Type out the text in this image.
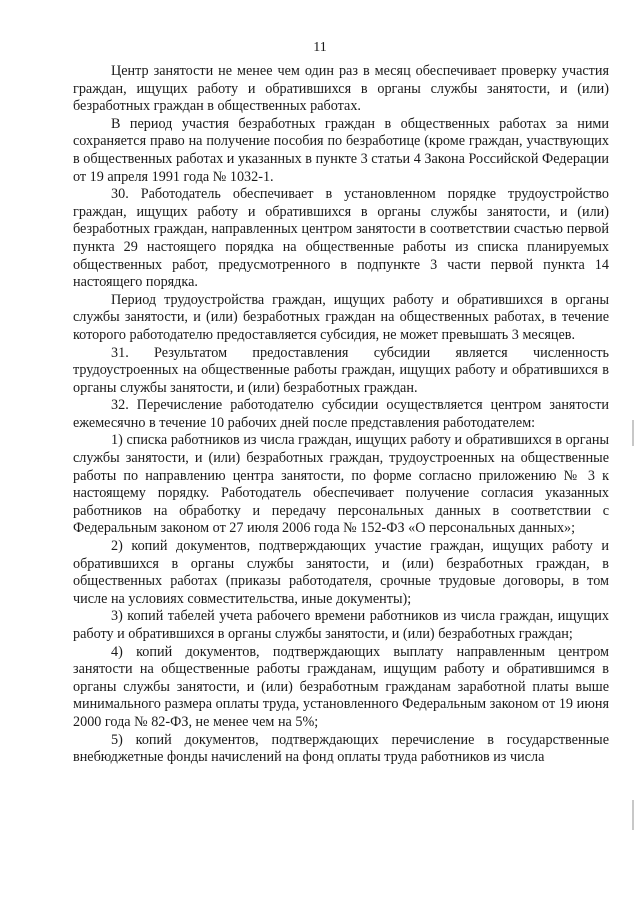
11

Центр занятости не менее чем один раз в месяц обеспечивает проверку участия граждан, ищущих работу и обратившихся в органы службы занятости, и (или) безработных граждан в общественных работах.

В период участия безработных граждан в общественных работах за ними сохраняется право на получение пособия по безработице (кроме граждан, участвующих в общественных работах и указанных в пункте 3 статьи 4 Закона Российской Федерации от 19 апреля 1991 года № 1032-1.

30. Работодатель обеспечивает в установленном порядке трудоустройство граждан, ищущих работу и обратившихся в органы службы занятости, и (или) безработных граждан, направленных центром занятости в соответствии счастью первой пункта 29 настоящего порядка на общественные работы из списка планируемых общественных работ, предусмотренного в подпункте 3 части первой пункта 14 настоящего порядка.

Период трудоустройства граждан, ищущих работу и обратившихся в органы службы занятости, и (или) безработных граждан на общественных работах, в течение которого работодателю предоставляется субсидия, не может превышать 3 месяцев.

31. Результатом предоставления субсидии является численность трудоустроенных на общественные работы граждан, ищущих работу и обратившихся в органы службы занятости, и (или) безработных граждан.

32. Перечисление работодателю субсидии осуществляется центром занятости ежемесячно в течение 10 рабочих дней после представления работодателем:

1) списка работников из числа граждан, ищущих работу и обратившихся в органы службы занятости, и (или) безработных граждан, трудоустроенных на общественные работы по направлению центра занятости, по форме согласно приложению № 3 к настоящему порядку. Работодатель обеспечивает получение согласия указанных работников на обработку и передачу персональных данных в соответствии с Федеральным законом от 27 июля 2006 года № 152-ФЗ «О персональных данных»;

2) копий документов, подтверждающих участие граждан, ищущих работу и обратившихся в органы службы занятости, и (или) безработных граждан, в общественных работах (приказы работодателя, срочные трудовые договоры, в том числе на условиях совместительства, иные документы);

3) копий табелей учета рабочего времени работников из числа граждан, ищущих работу и обратившихся в органы службы занятости, и (или) безработных граждан;

4) копий документов, подтверждающих выплату направленным центром занятости на общественные работы гражданам, ищущим работу и обратившимся в органы службы занятости, и (или) безработным гражданам заработной платы выше минимального размера оплаты труда, установленного Федеральным законом от 19 июня 2000 года № 82-ФЗ, не менее чем на 5%;

5) копий документов, подтверждающих перечисление в государственные внебюджетные фонды начислений на фонд оплаты труда работников из числа
